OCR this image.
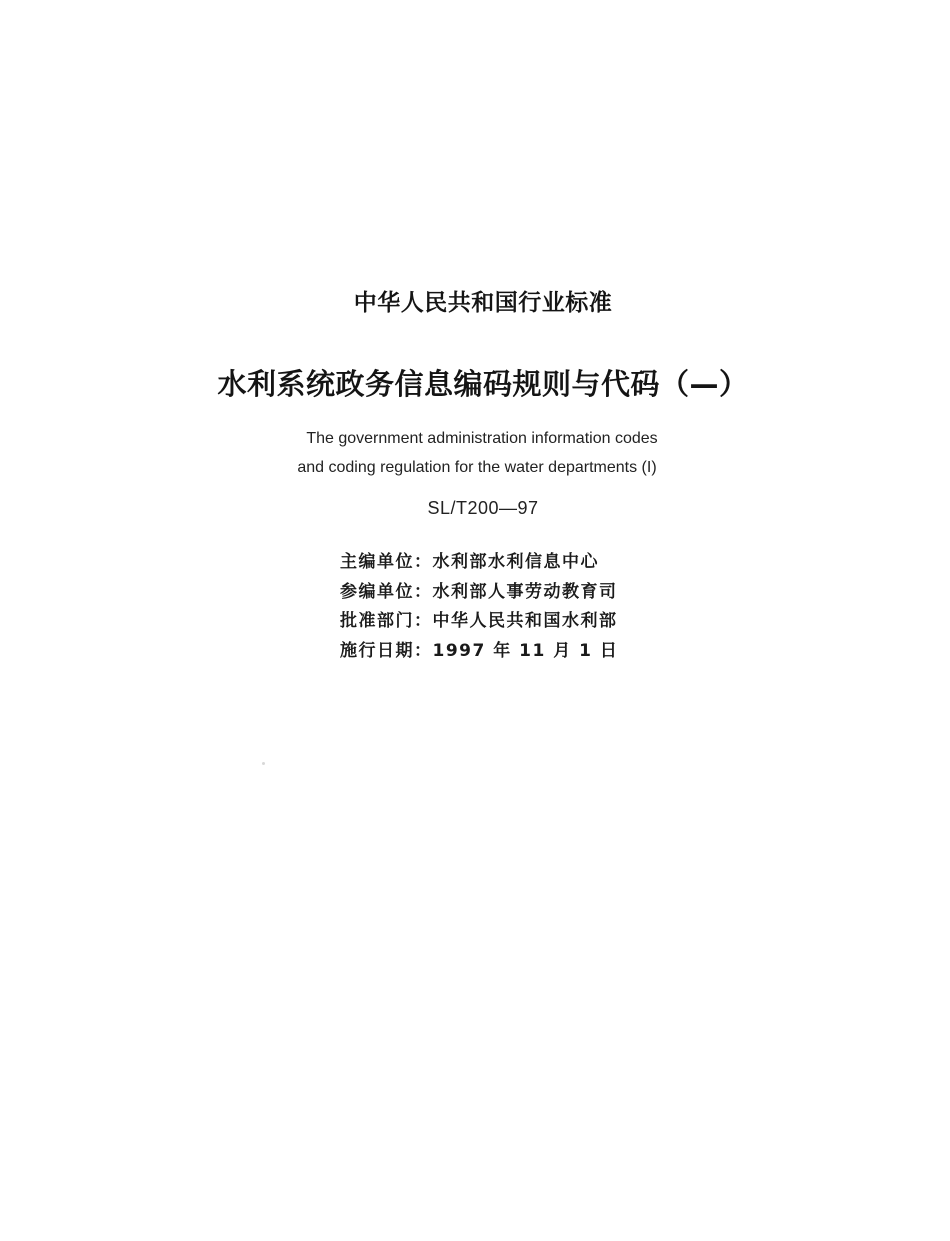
中华人民共和国行业标准
水利系统政务信息编码规则与代码（—）
The government administration information codes
and coding regulation for the water departments (I)
SL/T200—97
主编单位：水利部水利信息中心
参编单位：水利部人事劳动教育司
批准部门：中华人民共和国水利部
施行日期：1997 年 11 月 1 日
